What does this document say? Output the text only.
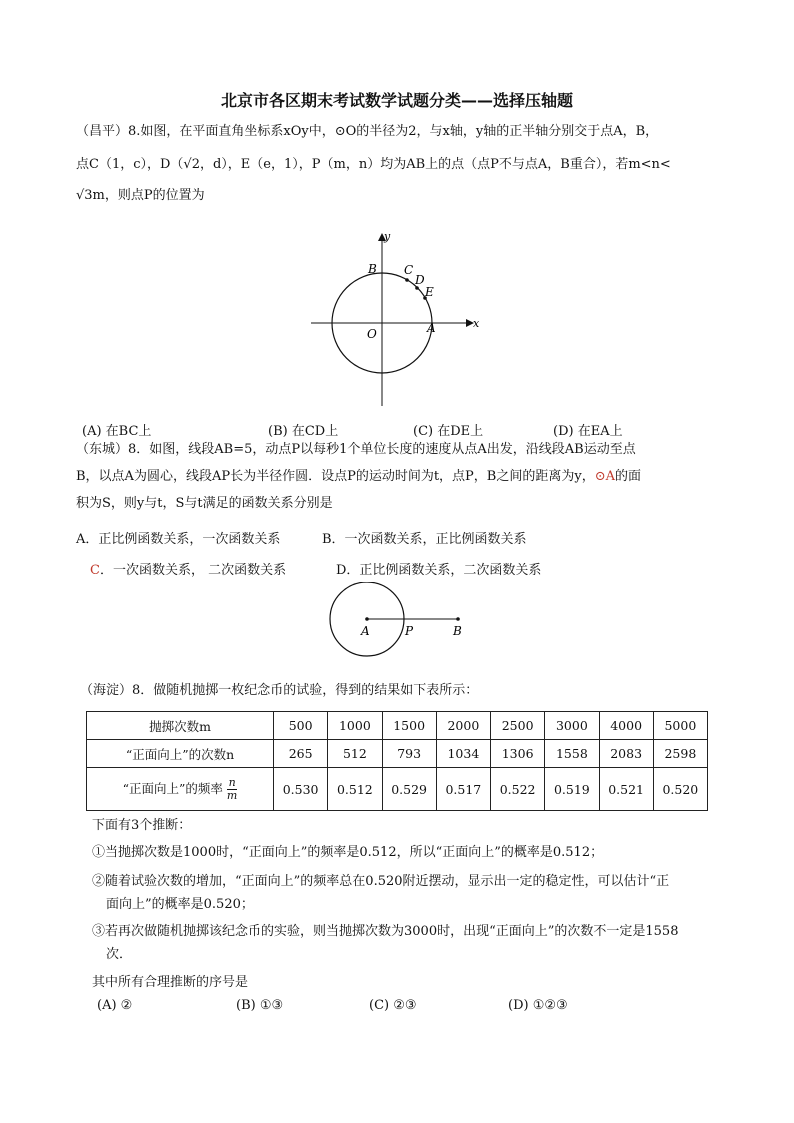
北京市各区期末考试数学试题分类——选择压轴题
（昌平）8.如图，在平面直角坐标系xOy中，⊙O的半径为2，与x轴，y轴的正半轴分别交于点A，B，
点C（1，c），D（√2，d），E（e，1），P（m，n）均为AB上的点（点P不与点A，B重合），若m<n<
√3m，则点P的位置为
y
x
O	A
B C
D
E
(A) 在BC上	(B) 在CD上	(C) 在DE上	(D) 在EA上
（东城）8．如图，线段AB=5，动点P以每秒1个单位长度的速度从点A出发，沿线段AB运动至点
B，以点A为圆心，线段AP长为半径作圆．设点P的运动时间为t，点P，B之间的距离为y，⊙A的面
积为S，则y与t，S与t满足的函数关系分别是
A．正比例函数关系，一次函数关系	B．一次函数关系，正比例函数关系
C．一次函数关系， 二次函数关系	D．正比例函数关系，二次函数关系
A	P	B
（海淀）8．做随机抛掷一枚纪念币的试验，得到的结果如下表所示：
抛掷次数m	500	1000	1500	2000	2500	3000	4000	5000
“正面向上”的次数n	265	512	793	1034	1306	1558	2083	2598
“正面向上”的频率 $\frac{n}{m}$	0.530	0.512	0.529	0.517	0.522	0.519	0.521	0.520
下面有3个推断：
①当抛掷次数是1000时，“正面向上”的频率是0.512，所以“正面向上”的概率是0.512；
②随着试验次数的增加，“正面向上”的频率总在0.520附近摆动，显示出一定的稳定性，可以估计“正
面向上”的概率是0.520；
③若再次做随机抛掷该纪念币的实验，则当抛掷次数为3000时，出现“正面向上”的次数不一定是1558
次．
其中所有合理推断的序号是
(A) ②	(B) ①③	(C) ②③	(D) ①②③
